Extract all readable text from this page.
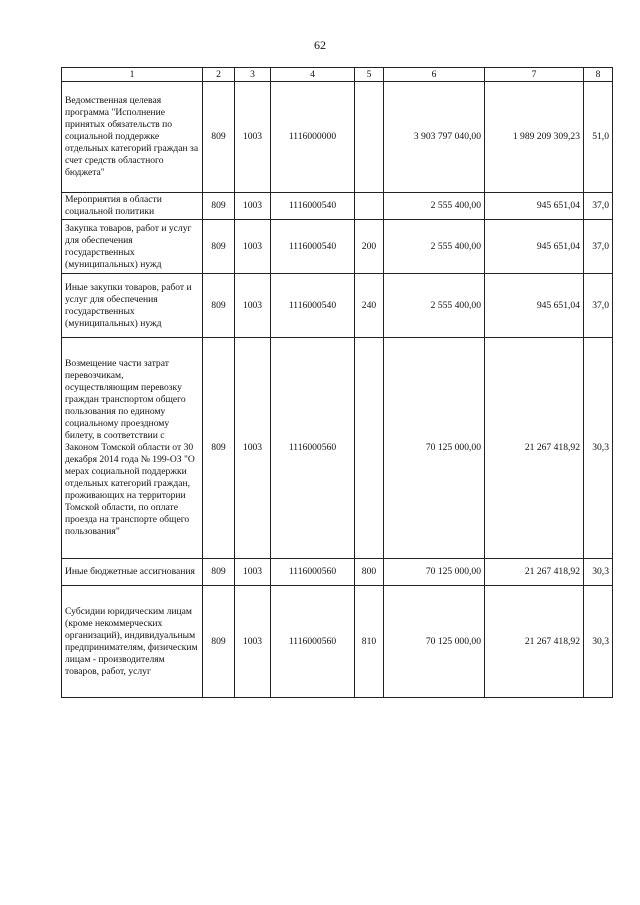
62
1	2	3	4	5	6	7	8
Ведомственная целевая программа "Исполнение принятых обязательств по социальной поддержке отдельных категорий граждан за счет средств областного бюджета"	809	1003	1116000000		3 903 797 040,00	1 989 209 309,23	51,0
Мероприятия в области социальной политики	809	1003	1116000540		2 555 400,00	945 651,04	37,0
Закупка товаров, работ и услуг для обеспечения государственных (муниципальных) нужд	809	1003	1116000540	200	2 555 400,00	945 651,04	37,0
Иные закупки товаров, работ и услуг для обеспечения государственных (муниципальных) нужд	809	1003	1116000540	240	2 555 400,00	945 651,04	37,0
Возмещение части затрат перевозчикам, осуществляющим перевозку граждан транспортом общего пользования по единому социальному проездному билету, в соответствии с Законом Томской области от 30 декабря 2014 года № 199-ОЗ "О мерах социальной поддержки отдельных категорий граждан, проживающих на территории Томской области, по оплате проезда на транспорте общего пользования"	809	1003	1116000560		70 125 000,00	21 267 418,92	30,3
Иные бюджетные ассигнования	809	1003	1116000560	800	70 125 000,00	21 267 418,92	30,3
Субсидии юридическим лицам (кроме некоммерческих организаций), индивидуальным предпринимателям, физическим лицам - производителям товаров, работ, услуг	809	1003	1116000560	810	70 125 000,00	21 267 418,92	30,3
